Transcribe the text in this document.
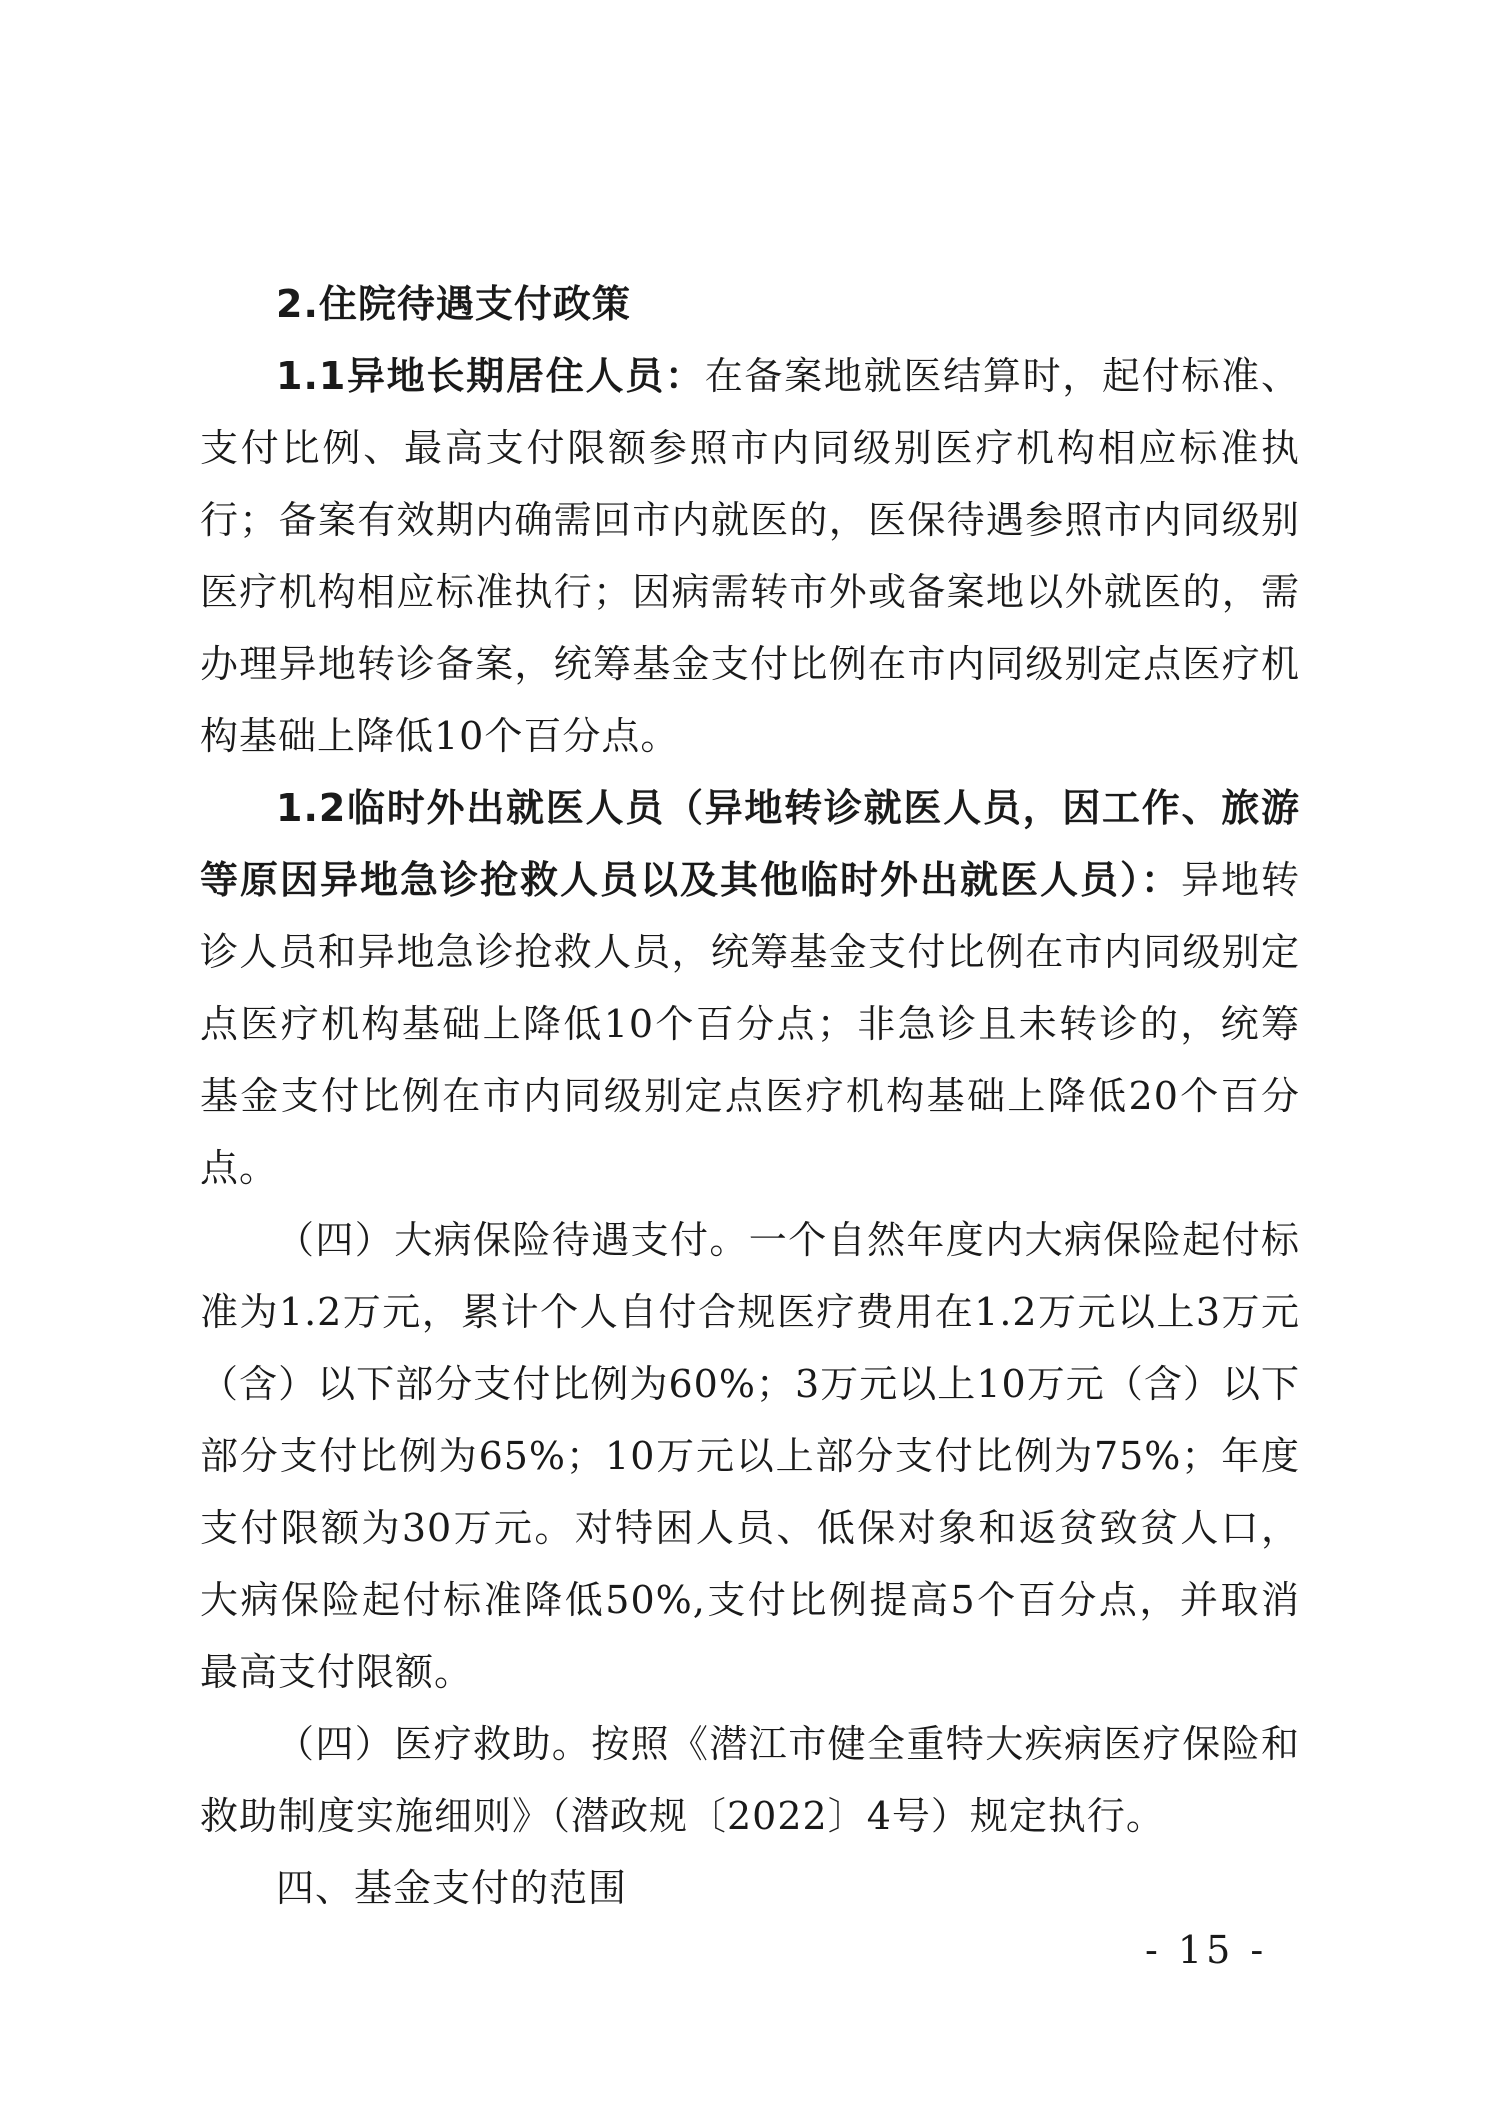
2.住院待遇支付政策

1.1异地长期居住人员：在备案地就医结算时，起付标准、支付比例、最高支付限额参照市内同级别医疗机构相应标准执行；备案有效期内确需回市内就医的，医保待遇参照市内同级别医疗机构相应标准执行；因病需转市外或备案地以外就医的，需办理异地转诊备案，统筹基金支付比例在市内同级别定点医疗机构基础上降低10个百分点。

1.2临时外出就医人员（异地转诊就医人员，因工作、旅游等原因异地急诊抢救人员以及其他临时外出就医人员）：异地转诊人员和异地急诊抢救人员，统筹基金支付比例在市内同级别定点医疗机构基础上降低10个百分点；非急诊且未转诊的，统筹基金支付比例在市内同级别定点医疗机构基础上降低20个百分点。

（四）大病保险待遇支付。一个自然年度内大病保险起付标准为1.2万元，累计个人自付合规医疗费用在1.2万元以上3万元（含）以下部分支付比例为60%；3万元以上10万元（含）以下部分支付比例为65%；10万元以上部分支付比例为75%；年度支付限额为30万元。对特困人员、低保对象和返贫致贫人口，大病保险起付标准降低50%,支付比例提高5个百分点，并取消最高支付限额。

（四）医疗救助。按照《潜江市健全重特大疾病医疗保险和救助制度实施细则》（潜政规〔2022〕4号）规定执行。

四、基金支付的范围

- 15 -
